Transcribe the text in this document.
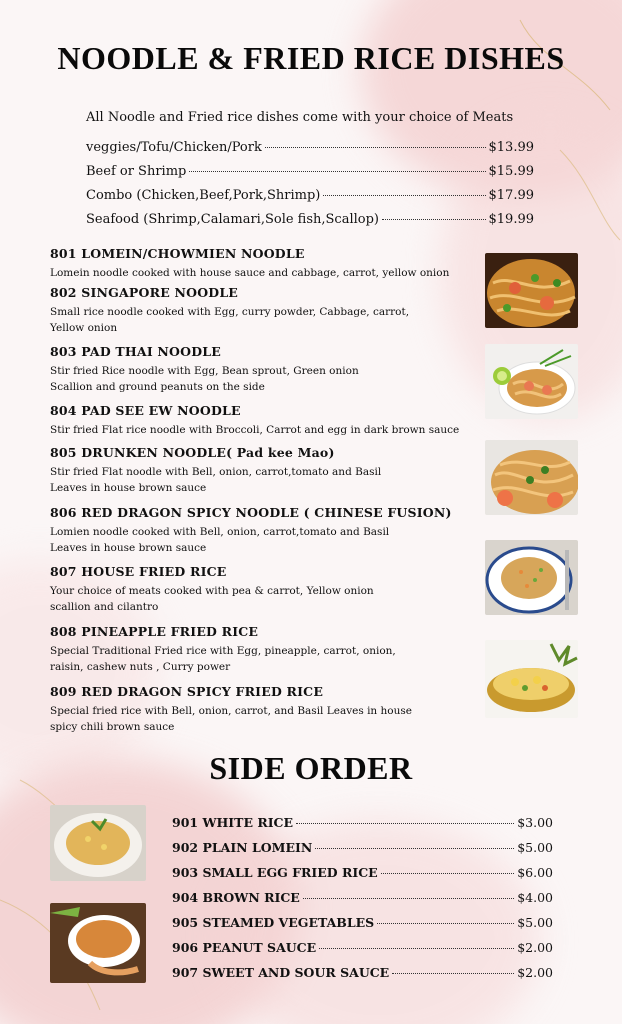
NOODLE & FRIED RICE DISHES
All Noodle and Fried rice dishes come with your choice of Meats
veggies/Tofu/Chicken/Pork	$13.99
Beef or Shrimp	$15.99
Combo (Chicken,Beef,Pork,Shrimp)	$17.99
Seafood (Shrimp,Calamari,Sole fish,Scallop)	$19.99
801 LOMEIN/CHOWMIEN NOODLE
Lomein noodle cooked with house sauce and cabbage, carrot, yellow onion
802 SINGAPORE NOODLE
Small rice noodle cooked with Egg, curry powder, Cabbage, carrot,
Yellow onion
803 PAD THAI NOODLE
Stir fried Rice noodle with Egg, Bean sprout, Green onion
Scallion and ground peanuts on the side
804 PAD SEE EW NOODLE
Stir fried Flat rice noodle with Broccoli, Carrot and egg in dark brown sauce
805 DRUNKEN NOODLE( Pad kee Mao)
Stir fried Flat noodle with Bell, onion, carrot,tomato and Basil
Leaves in house brown sauce
806 RED DRAGON SPICY NOODLE ( CHINESE FUSION)
Lomien noodle cooked with Bell, onion, carrot,tomato and Basil
Leaves in house brown sauce
807 HOUSE FRIED RICE
Your choice of meats cooked with pea & carrot, Yellow onion
scallion and cilantro
808 PINEAPPLE FRIED RICE
Special Traditional Fried rice with Egg, pineapple, carrot, onion,
raisin, cashew nuts , Curry power
809 RED DRAGON SPICY FRIED RICE
Special fried rice with Bell, onion, carrot, and Basil Leaves in house
spicy chili brown sauce
SIDE ORDER
901 WHITE RICE	$3.00
902 PLAIN LOMEIN	$5.00
903 SMALL EGG FRIED RICE	$6.00
904 BROWN RICE	$4.00
905 STEAMED VEGETABLES	$5.00
906 PEANUT SAUCE	$2.00
907 SWEET AND SOUR SAUCE	$2.00
